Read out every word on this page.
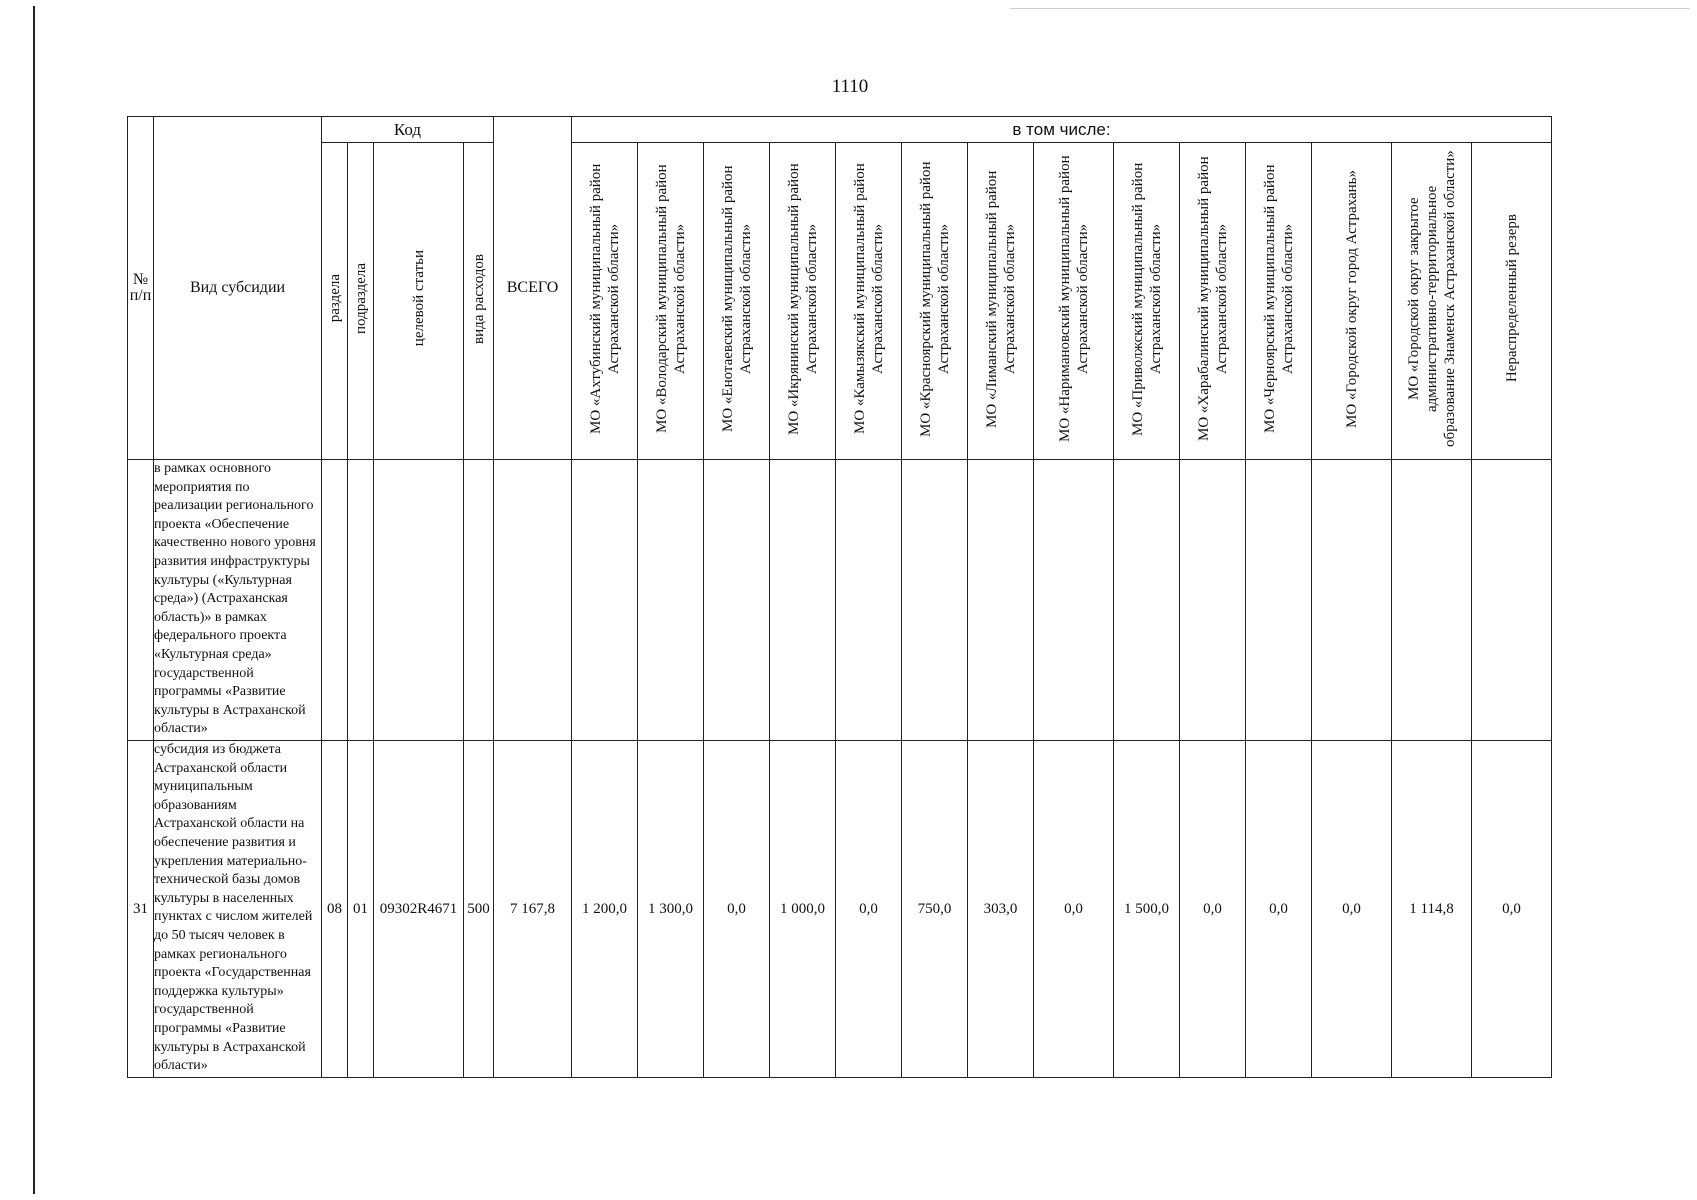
1110
№ п/п	Вид субсидии	Код				ВСЕГО	в том числе:													
		раздела	подраздела	целевой статьи	вида расходов		МО «Ахтубинский муниципальный район Астраханской области»	МО «Володарский муниципальный район Астраханской области»	МО «Енотаевский муниципальный район Астраханской области»	МО «Икрянинский муниципальный район Астраханской области»	МО «Камызякский муниципальный район Астраханской области»	МО «Красноярский муниципальный район Астраханской области»	МО «Лиманский муниципальный район Астраханской области»	МО «Наримановский муниципальный район Астраханской области»	МО «Приволжский муниципальный район Астраханской области»	МО «Харабалинский муниципальный район Астраханской области»	МО «Черноярский муниципальный район Астраханской области»	МО «Городской округ город Астрахань»	МО «Городской округ закрытое административно-территориальное образование Знаменск Астраханской области»	Нераспределенный резерв
	в рамках основного мероприятия по реализации регионального проекта «Обеспечение качественно нового уровня развития инфраструктуры культуры («Культурная среда») (Астраханская область)» в рамках федерального проекта «Культурная среда» государственной программы «Развитие культуры в Астраханской области»																			
31	субсидия из бюджета Астраханской области муниципальным образованиям Астраханской области на обеспечение развития и укрепления материально-технической базы домов культуры в населенных пунктах с числом жителей до 50 тысяч человек в рамках регионального проекта «Государственная поддержка культуры» государственной программы «Развитие культуры в Астраханской области»	08	01	09302R4671	500	7 167,8	1 200,0	1 300,0	0,0	1 000,0	0,0	750,0	303,0	0,0	1 500,0	0,0	0,0	0,0	1 114,8	0,0
